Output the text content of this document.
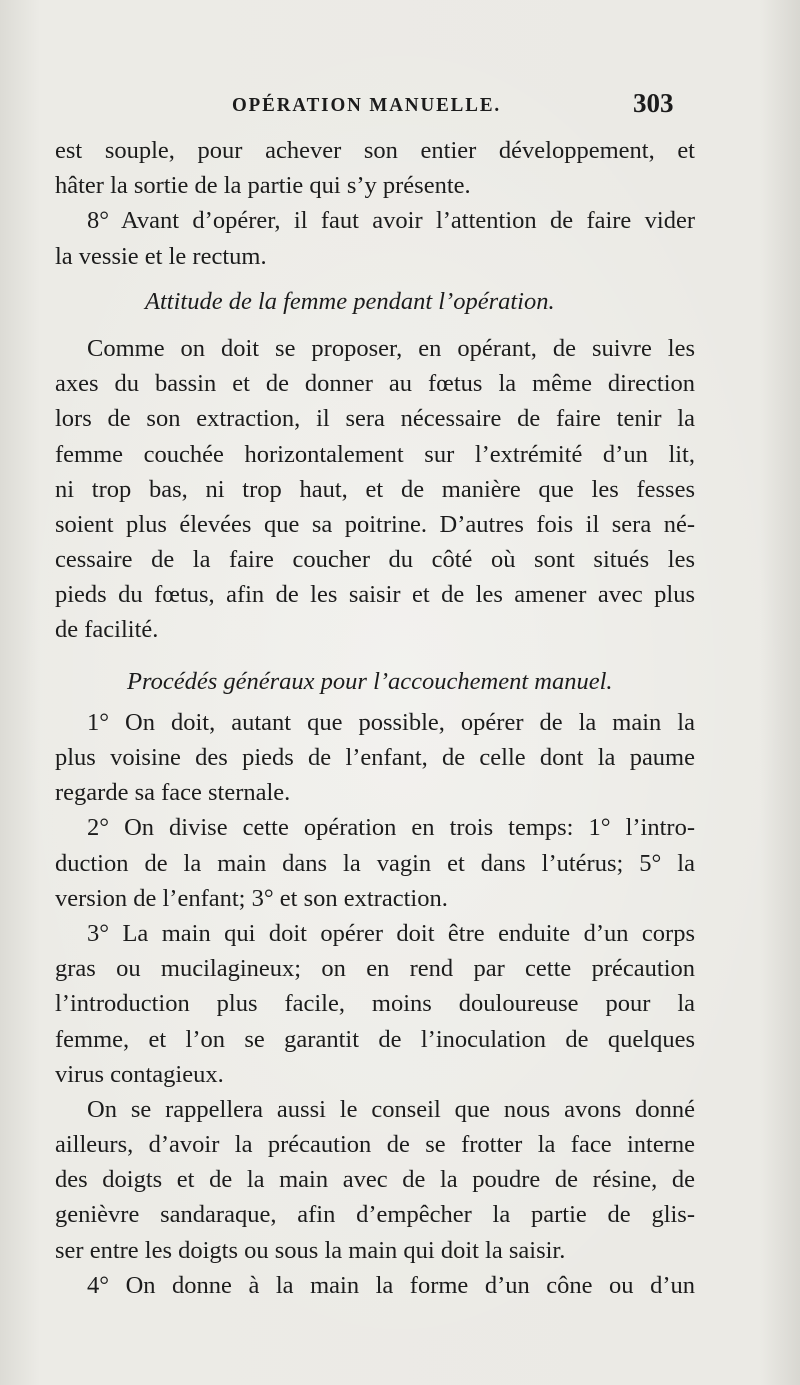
OPÉRATION MANUELLE.	303
est souple, pour achever son entier développement, et
hâter la sortie de la partie qui s’y présente.
8° Avant d’opérer, il faut avoir l’attention de faire vider
la vessie et le rectum.
Attitude de la femme pendant l’opération.
Comme on doit se proposer, en opérant, de suivre les
axes du bassin et de donner au fœtus la même direction
lors de son extraction, il sera nécessaire de faire tenir la
femme couchée horizontalement sur l’extrémité d’un lit,
ni trop bas, ni trop haut, et de manière que les fesses
soient plus élevées que sa poitrine. D’autres fois il sera né-
cessaire de la faire coucher du côté où sont situés les
pieds du fœtus, afin de les saisir et de les amener avec plus
de facilité.
Procédés généraux pour l’accouchement manuel.
1° On doit, autant que possible, opérer de la main la
plus voisine des pieds de l’enfant, de celle dont la paume
regarde sa face sternale.
2° On divise cette opération en trois temps: 1° l’intro-
duction de la main dans la vagin et dans l’utérus; 5° la
version de l’enfant; 3° et son extraction.
3° La main qui doit opérer doit être enduite d’un corps
gras ou mucilagineux; on en rend par cette précaution
l’introduction plus facile, moins douloureuse pour la
femme, et l’on se garantit de l’inoculation de quelques
virus contagieux.
On se rappellera aussi le conseil que nous avons donné
ailleurs, d’avoir la précaution de se frotter la face interne
des doigts et de la main avec de la poudre de résine, de
genièvre sandaraque, afin d’empêcher la partie de glis-
ser entre les doigts ou sous la main qui doit la saisir.
4° On donne à la main la forme d’un cône ou d’un
